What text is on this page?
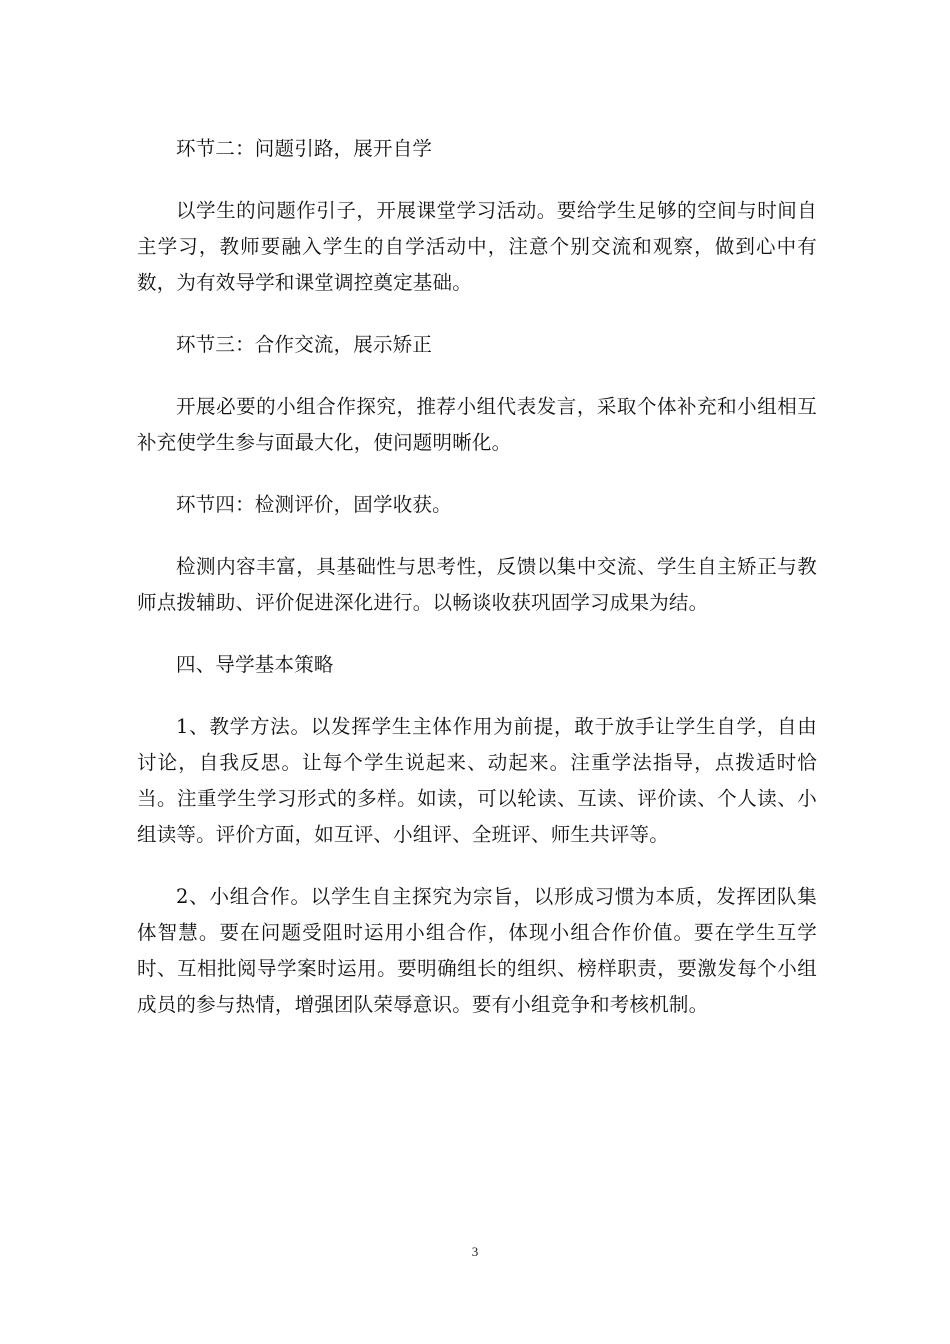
环节二：问题引路，展开自学

以学生的问题作引子，开展课堂学习活动。要给学生足够的空间与时间自主学习，教师要融入学生的自学活动中，注意个别交流和观察，做到心中有数，为有效导学和课堂调控奠定基础。

环节三：合作交流，展示矫正

开展必要的小组合作探究，推荐小组代表发言，采取个体补充和小组相互补充使学生参与面最大化，使问题明晰化。

环节四：检测评价，固学收获。

检测内容丰富，具基础性与思考性，反馈以集中交流、学生自主矫正与教师点拨辅助、评价促进深化进行。以畅谈收获巩固学习成果为结。

四、导学基本策略

1、教学方法。以发挥学生主体作用为前提，敢于放手让学生自学，自由讨论，自我反思。让每个学生说起来、动起来。注重学法指导，点拨适时恰当。注重学生学习形式的多样。如读，可以轮读、互读、评价读、个人读、小组读等。评价方面，如互评、小组评、全班评、师生共评等。

2、小组合作。以学生自主探究为宗旨，以形成习惯为本质，发挥团队集体智慧。要在问题受阻时运用小组合作，体现小组合作价值。要在学生互学时、互相批阅导学案时运用。要明确组长的组织、榜样职责，要激发每个小组成员的参与热情，增强团队荣辱意识。要有小组竞争和考核机制。

3
